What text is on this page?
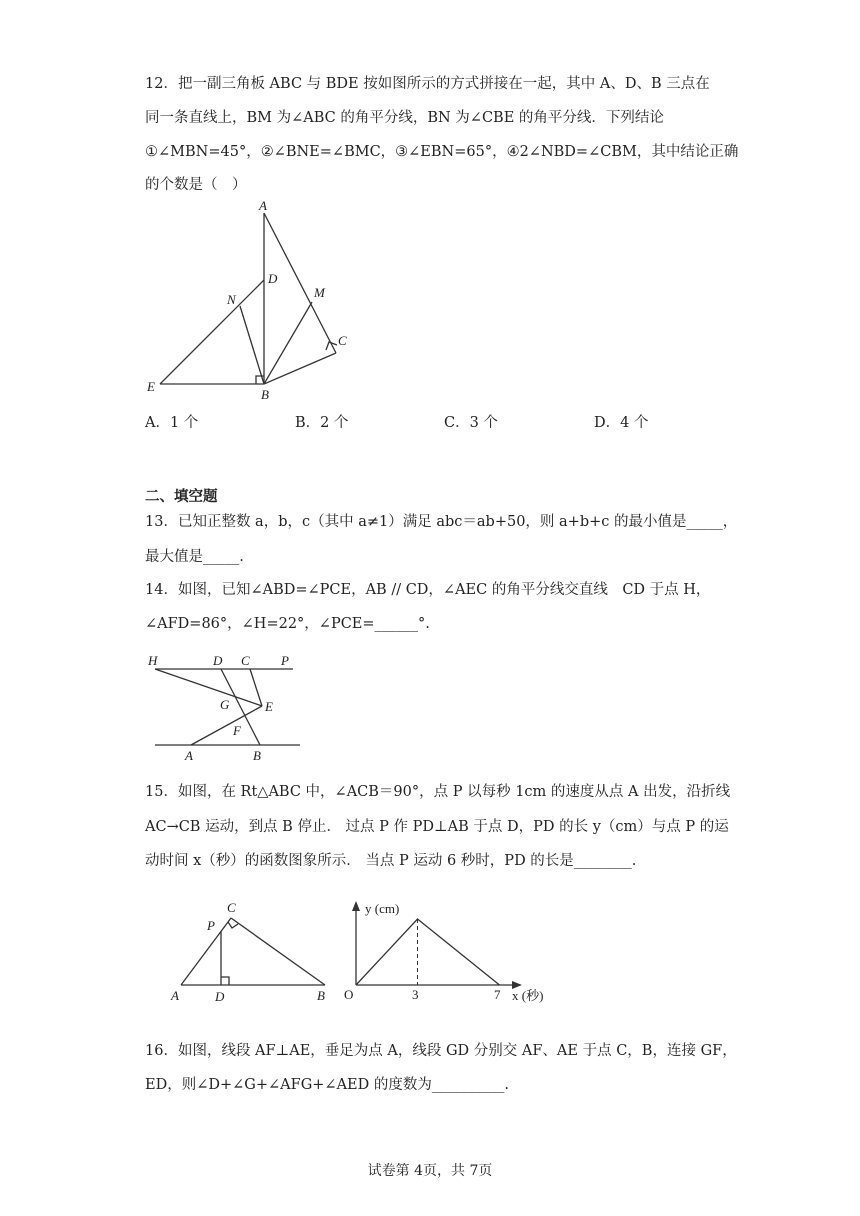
12．把一副三角板 ABC 与 BDE 按如图所示的方式拼接在一起，其中 A、D、B 三点在
同一条直线上，BM 为∠ABC 的角平分线，BN 为∠CBE 的角平分线．下列结论
①∠MBN=45°，②∠BNE=∠BMC，③∠EBN=65°，④2∠NBD=∠CBM，其中结论正确
的个数是（　）
A
D
N	M
C
E
B
A．1 个	B．2 个	C．3 个	D．4 个
二、填空题
13．已知正整数 a，b，c（其中 a≠1）满足 abc＝ab+50，则 a+b+c 的最小值是_____，
最大值是_____.
14．如图，已知∠ABD=∠PCE，AB // CD，∠AEC 的角平分线交直线　CD 于点 H，
∠AFD=86°，∠H=22°，∠PCE=______°.
H	D C P
G	E
F
A	B
15．如图，在 Rt△ABC 中，∠ACB＝90°，点 P 以每秒 1cm 的速度从点 A 出发，沿折线
AC→CB 运动，到点 B 停止． 过点 P 作 PD⊥AB 于点 D，PD 的长 y（cm）与点 P 的运
动时间 x（秒）的函数图象所示． 当点 P 运动 6 秒时，PD 的长是________.
C
P
A	D	B
y (cm)
x (秒)
O	3	7
16．如图，线段 AF⊥AE，垂足为点 A，线段 GD 分别交 AF、AE 于点 C，B，连接 GF，
ED，则∠D+∠G+∠AFG+∠AED 的度数为__________.
试卷第 4页，共 7页
